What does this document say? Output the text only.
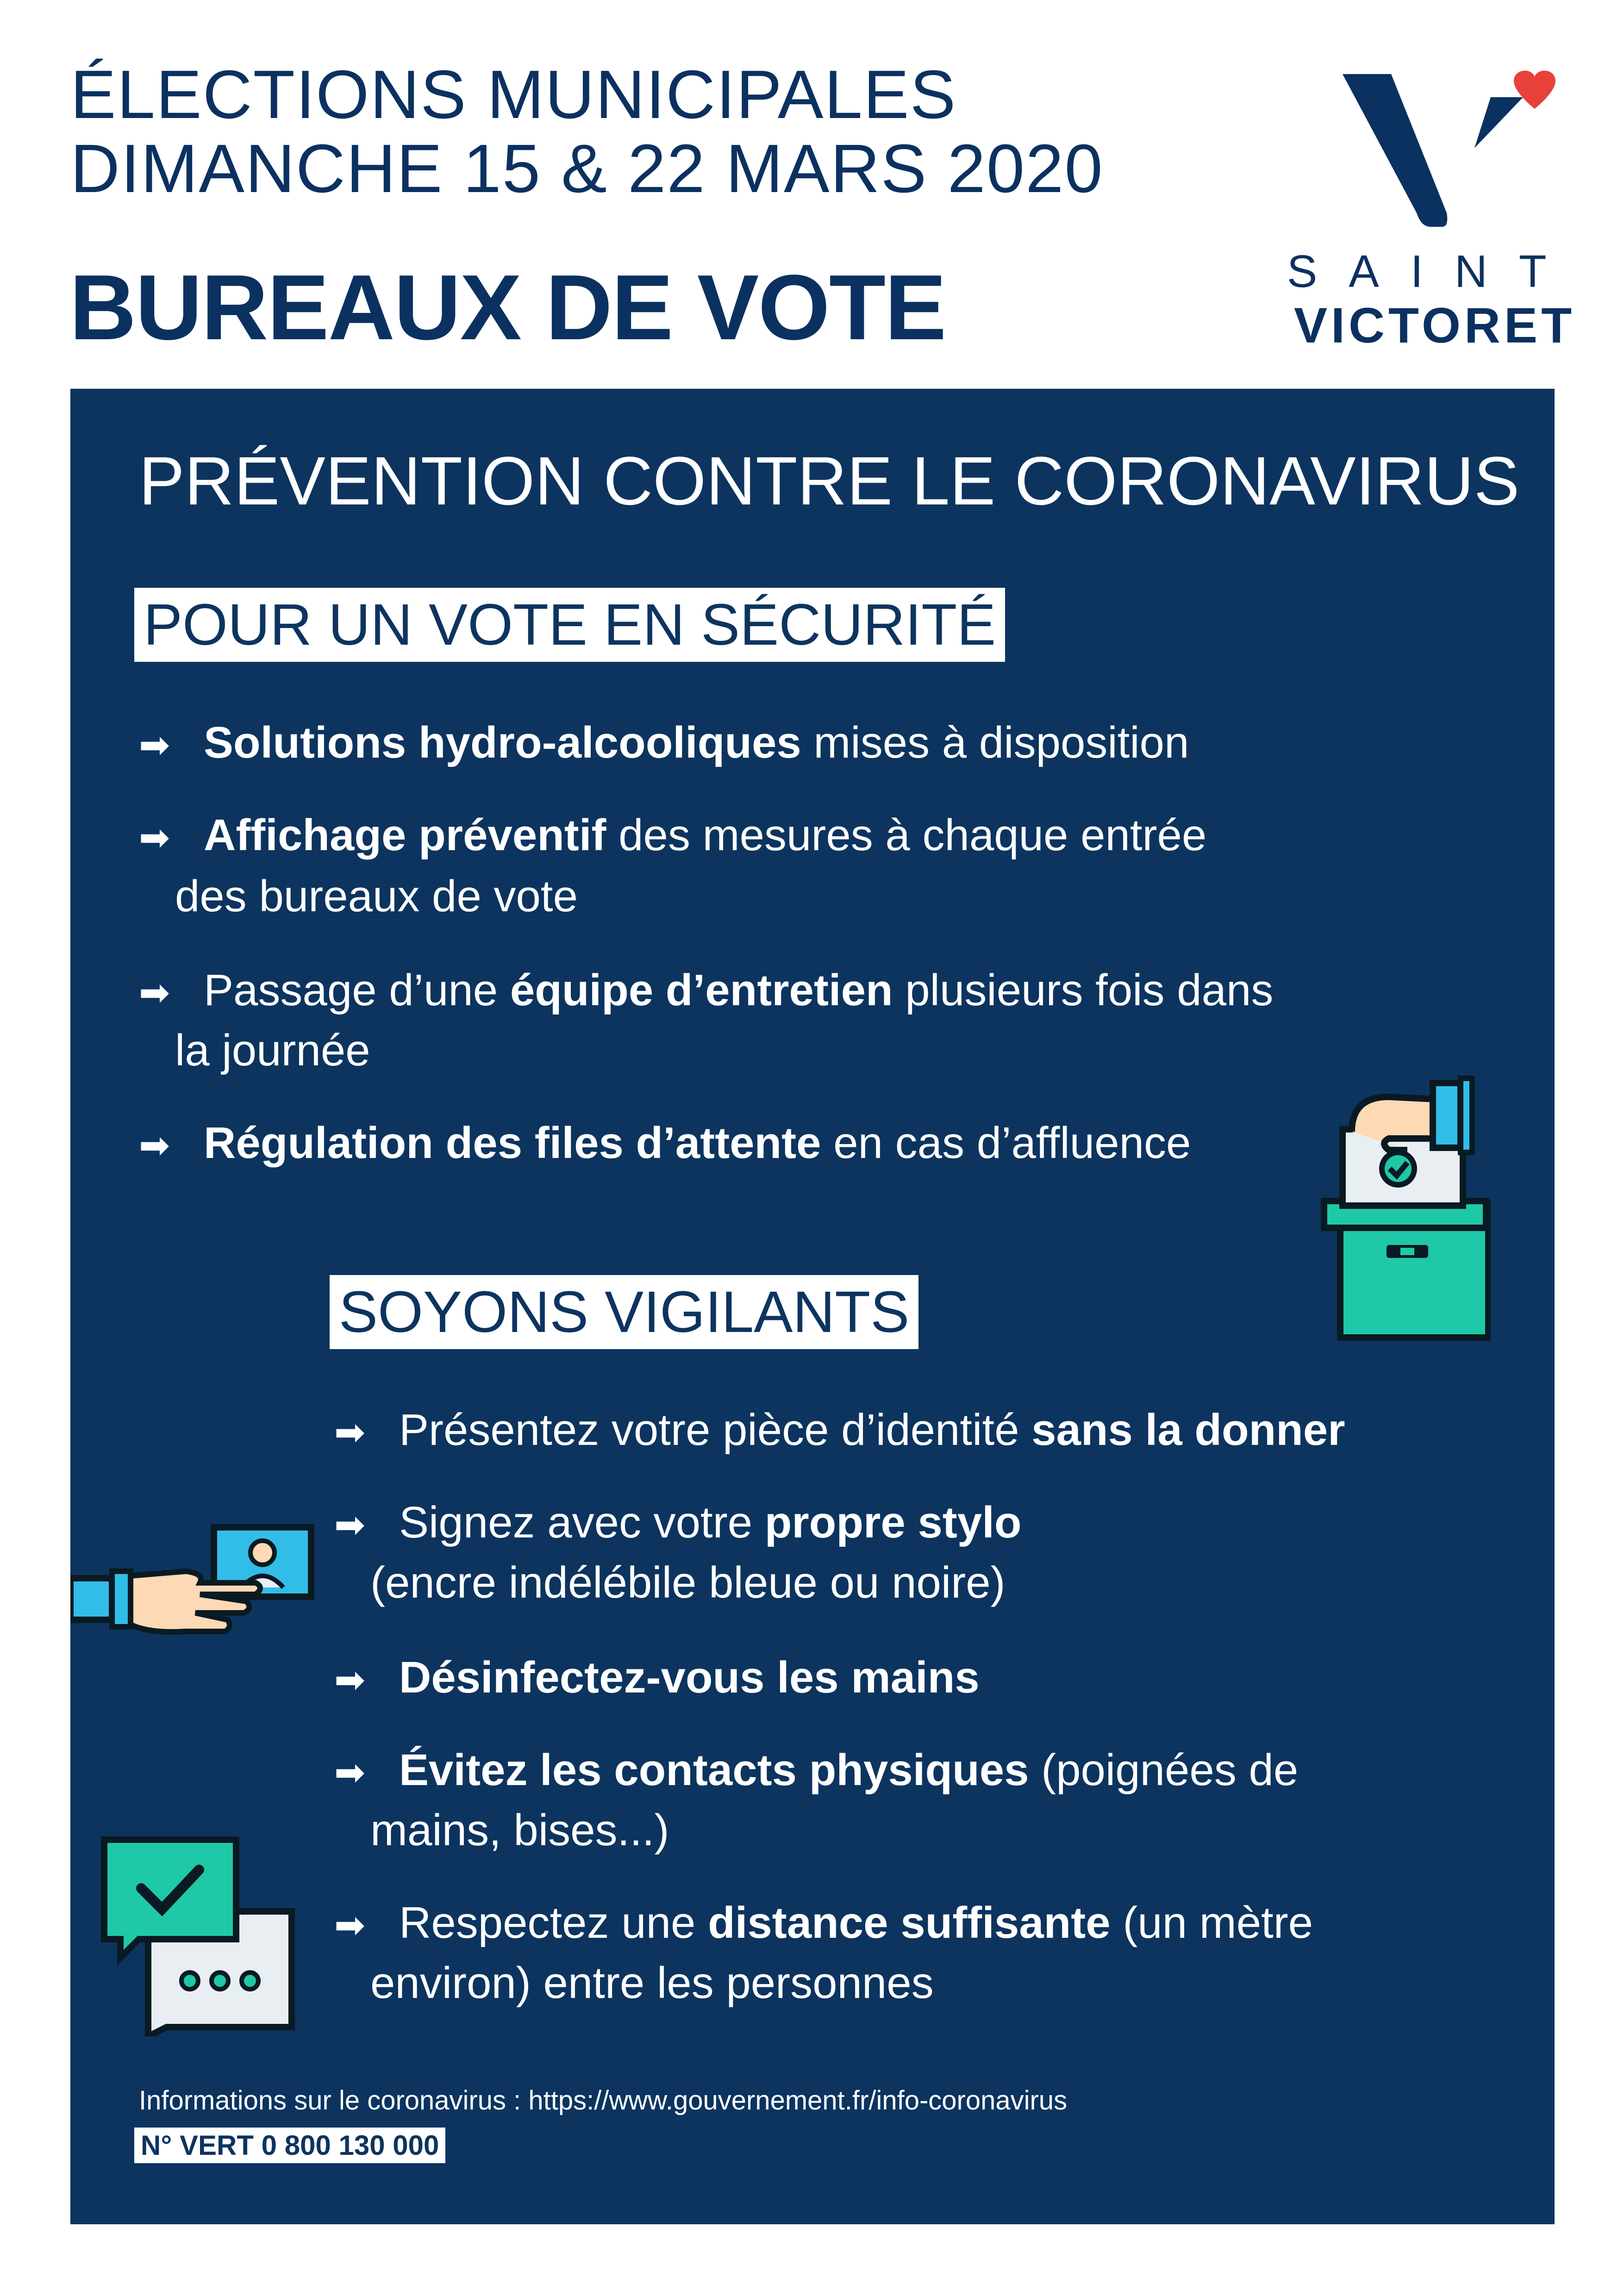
ÉLECTIONS MUNICIPALES
DIMANCHE 15 & 22 MARS 2020
BUREAUX DE VOTE	SAINT
VICTORET
PRÉVENTION CONTRE LE CORONAVIRUS
POUR UN VOTE EN SÉCURITÉ
➡ Solutions hydro-alcooliques mises à disposition
➡ Affichage préventif des mesures à chaque entrée
des bureaux de vote
➡ Passage d’une équipe d’entretien plusieurs fois dans
la journée
➡ Régulation des files d’attente en cas d’affluence
SOYONS VIGILANTS
➡ Présentez votre pièce d’identité sans la donner
➡ Signez avec votre propre stylo
(encre indélébile bleue ou noire)
➡ Désinfectez-vous les mains
➡ Évitez les contacts physiques (poignées de
mains, bises...)
➡ Respectez une distance suffisante (un mètre
environ) entre les personnes
Informations sur le coronavirus : https://www.gouvernement.fr/info-coronavirus
N° VERT 0 800 130 000
